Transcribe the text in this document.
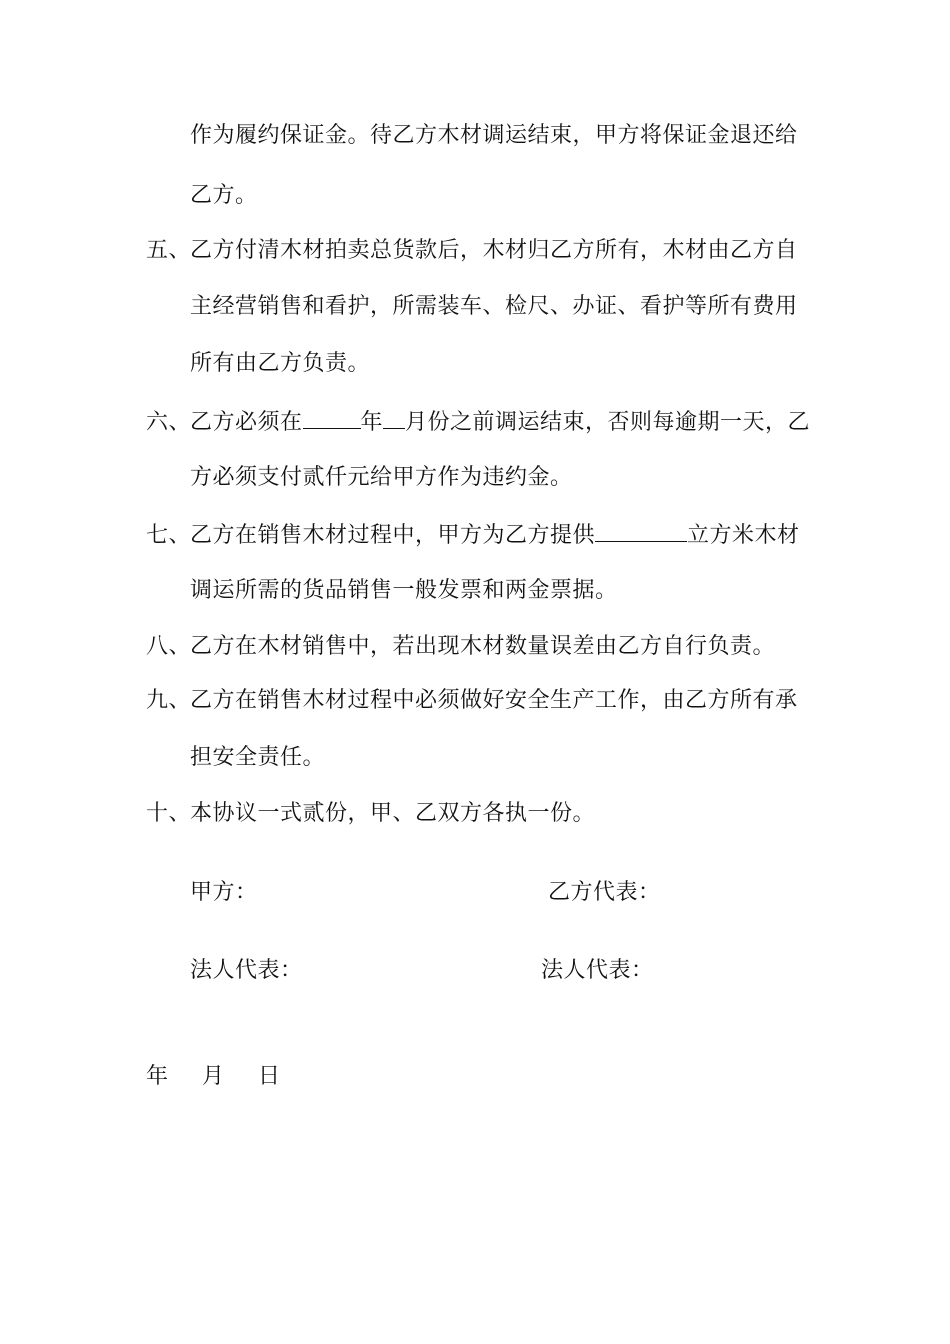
作为履约保证金。待乙方木材调运结束，甲方将保证金退还给
乙方。
五、乙方付清木材拍卖总货款后，木材归乙方所有，木材由乙方自
主经营销售和看护，所需装车、检尺、办证、看护等所有费用
所有由乙方负责。
六、乙方必须在	年 月份之前调运结束，否则每逾期一天，乙
方必须支付贰仟元给甲方作为违约金。
七、乙方在销售木材过程中，甲方为乙方提供	立方米木材
调运所需的货品销售一般发票和两金票据。
八、乙方在木材销售中，若出现木材数量误差由乙方自行负责。
九、乙方在销售木材过程中必须做好安全生产工作，由乙方所有承
担安全责任。
十、本协议一式贰份，甲、乙双方各执一份。
甲方：	乙方代表：
法人代表：	法人代表：
年 月 日
